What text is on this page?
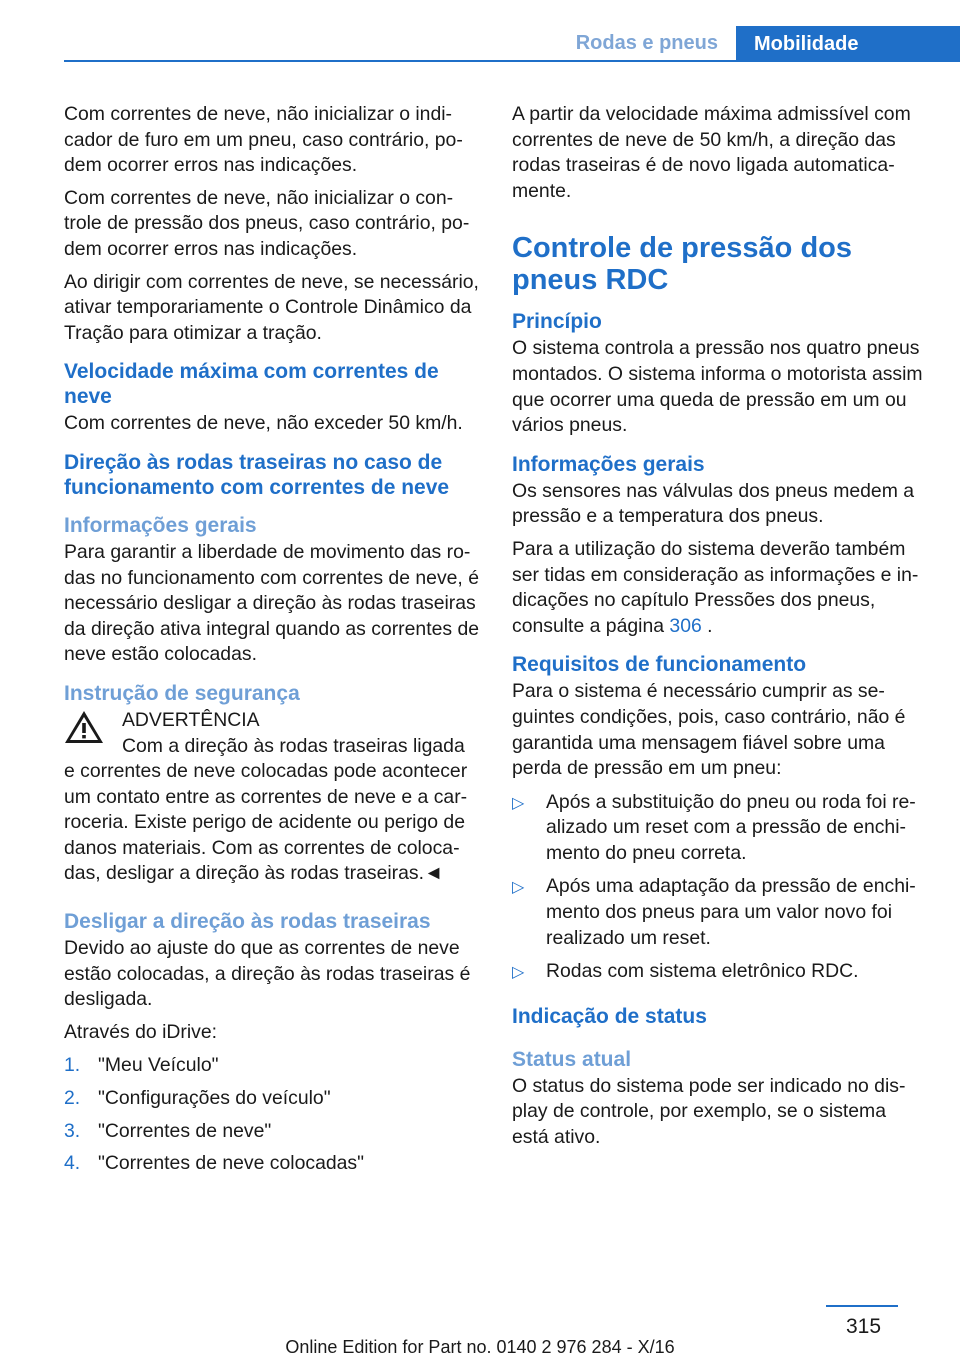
Rodas e pneus	Mobilidade

Com correntes de neve, não inicializar o indicador de furo em um pneu, caso contrário, podem ocorrer erros nas indicações.

Com correntes de neve, não inicializar o controle de pressão dos pneus, caso contrário, podem ocorrer erros nas indicações.

Ao dirigir com correntes de neve, se necessário, ativar temporariamente o Controle Dinâmico da Tração para otimizar a tração.

Velocidade máxima com correntes de neve

Com correntes de neve, não exceder 50 km/h.

Direção às rodas traseiras no caso de funcionamento com correntes de neve
Informações gerais

Para garantir a liberdade de movimento das rodas no funcionamento com correntes de neve, é necessário desligar a direção às rodas traseiras da direção ativa integral quando as correntes de neve estão colocadas.

Instrução de segurança
ADVERTÊNCIA
Com a direção às rodas traseiras ligada e correntes de neve colocadas pode acontecer um contato entre as correntes de neve e a carroceria. Existe perigo de acidente ou perigo de danos materiais. Com as correntes de colocadas, desligar a direção às rodas traseiras.◄
Desligar a direção às rodas traseiras

Devido ao ajuste do que as correntes de neve estão colocadas, a direção às rodas traseiras é desligada.

Através do iDrive:

1. "Meu Veículo"
2. "Configurações do veículo"
3. "Correntes de neve"
4. "Correntes de neve colocadas"

A partir da velocidade máxima admissível com correntes de neve de 50 km/h, a direção das rodas traseiras é de novo ligada automaticamente.

Controle de pressão dos pneus RDC
Princípio

O sistema controla a pressão nos quatro pneus montados. O sistema informa o motorista assim que ocorrer uma queda de pressão em um ou vários pneus.

Informações gerais

Os sensores nas válvulas dos pneus medem a pressão e a temperatura dos pneus.

Para a utilização do sistema deverão também ser tidas em consideração as informações e indicações no capítulo Pressões dos pneus, consulte a página 306 .

Requisitos de funcionamento

Para o sistema é necessário cumprir as seguintes condições, pois, caso contrário, não é garantida uma mensagem fiável sobre uma perda de pressão em um pneu:

▷	Após a substituição do pneu ou roda foi realizado um reset com a pressão de enchimento do pneu correta.
▷	Após uma adaptação da pressão de enchimento dos pneus para um valor novo foi realizado um reset.
▷	Rodas com sistema eletrônico RDC.
Indicação de status
Status atual

O status do sistema pode ser indicado no display de controle, por exemplo, se o sistema está ativo.

315
Online Edition for Part no. 0140 2 976 284 - X/16
